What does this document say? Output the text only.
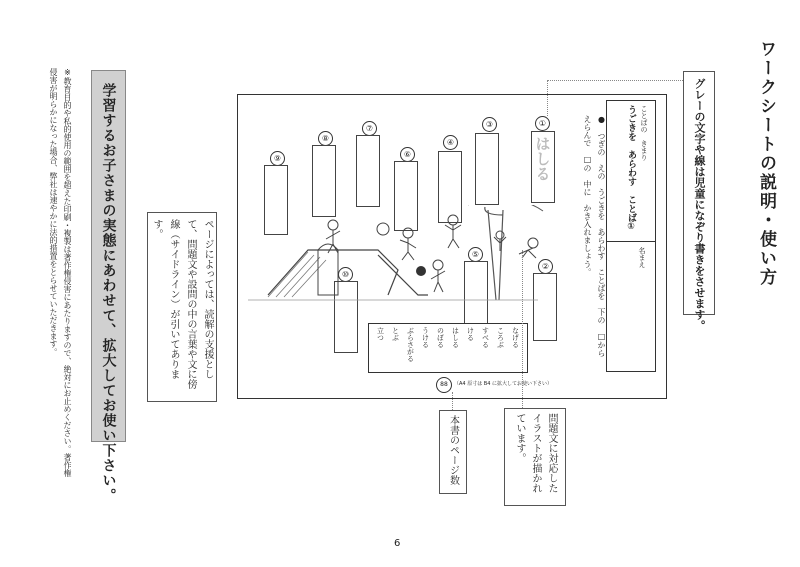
ワークシートの説明・使い方
グレーの文字や線は児童になぞり書きをさせます。
ことばの　きまり
うごきを　あらわす　ことば①
名まえ
●　つぎの　えの　うごきを　あらわす　ことばを　下の　□から　えらんで　□の　中に　かき入れましょう。
①
はしる
③
④
⑥
⑦
⑧
⑨
②
⑤
⑩
なげる
ころぶ
すべる
ける
はしる
のぼる
うける
ぶらさがる
とぶ
立つ
88	（A4 原寸は B4 に拡大してお使い下さい）
ページによっては、読解の支援として、問題文や設問の中の言葉や文に傍線（サイドライン）が引いてあります。
学習するお子さまの実態にあわせて、拡大してお使い下さい。
※教育目的や私的使用の範囲を超えた印刷・複製は著作権侵害にあたりますので、絶対にお止めください。著作権侵害が明らかになった場合、弊社は速やかに法的措置をとらせていただきます。
問題文に対応したイラストが描かれています。
本書のページ数
6
